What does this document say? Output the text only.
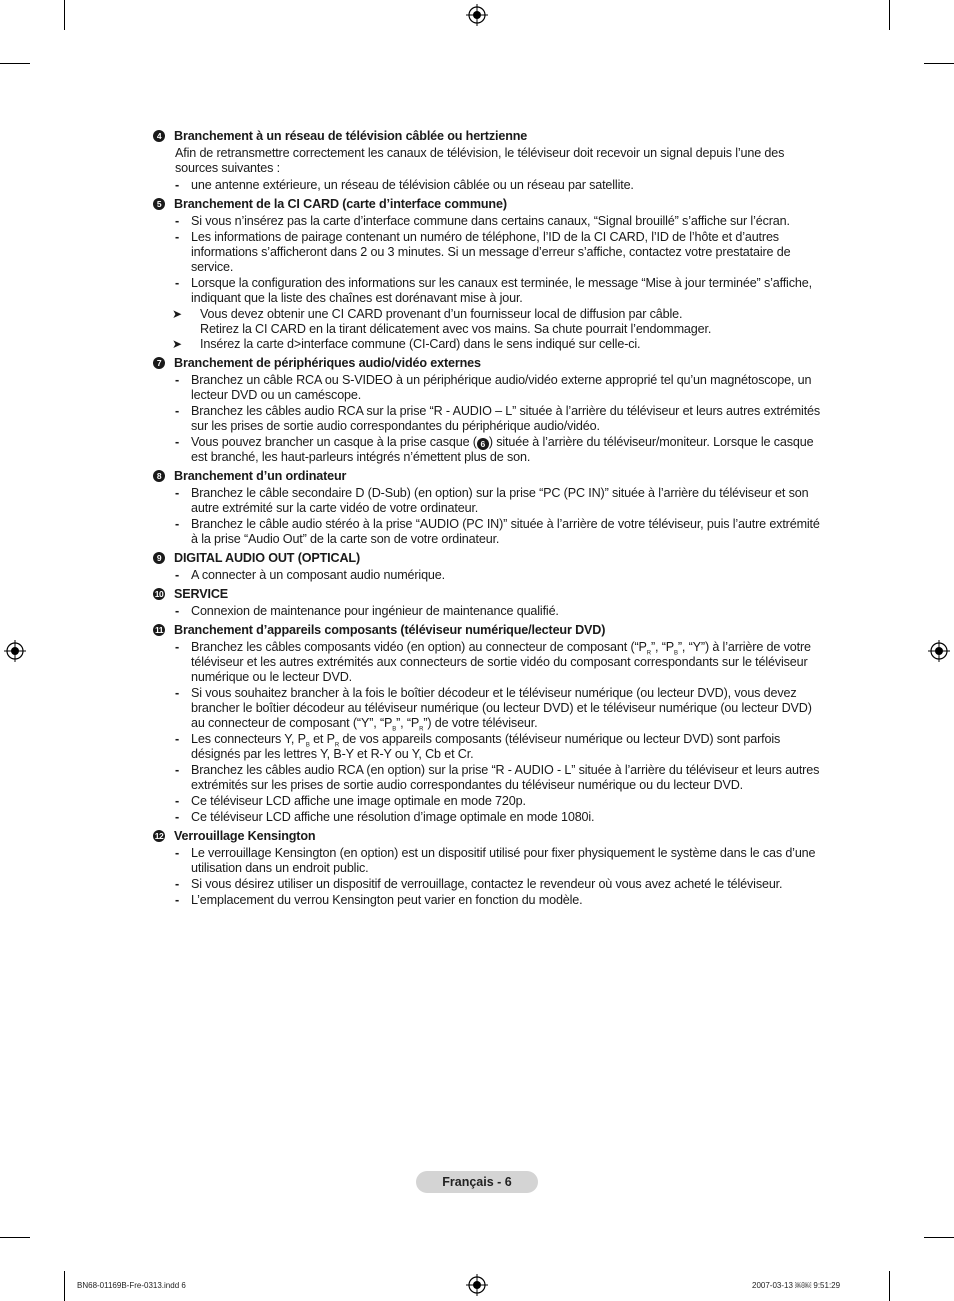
4	Branchement à un réseau de télévision câblée ou hertzienne
Afin de retransmettre correctement les canaux de télévision, le téléviseur doit recevoir un signal depuis l’une des sources suivantes :
- une antenne extérieure, un réseau de télévision câblée ou un réseau par satellite.
5	Branchement de la CI CARD (carte d’interface commune)
- Si vous n’insérez pas la carte d’interface commune dans certains canaux, “Signal brouillé” s’affiche sur l’écran.
- Les informations de pairage contenant un numéro de téléphone, l’ID de la CI CARD, l’ID de l’hôte et d’autres informations s’afficheront dans 2 ou 3 minutes. Si un message d’erreur s’affiche, contactez votre prestataire de service.
- Lorsque la configuration des informations sur les canaux est terminée, le message “Mise à jour terminée” s’affiche, indiquant que la liste des chaînes est dorénavant mise à jour.
➤	Vous devez obtenir une CI CARD provenant d’un fournisseur local de diffusion par câble.
Retirez la CI CARD en la tirant délicatement avec vos mains. Sa chute pourrait l’endommager.
➤	Insérez la carte d>interface commune (CI-Card) dans le sens indiqué sur celle-ci.
7	Branchement de périphériques audio/vidéo externes
- Branchez un câble RCA ou S-VIDEO à un périphérique audio/vidéo externe approprié tel qu’un magnétoscope, un lecteur DVD ou un caméscope.
- Branchez les câbles audio RCA sur la prise “R - AUDIO – L” située à l’arrière du téléviseur et leurs autres extrémités sur les prises de sortie audio correspondantes du périphérique audio/vidéo.
- Vous pouvez brancher un casque à la prise casque ( 6 ) située à l’arrière du téléviseur/moniteur. Lorsque le casque est branché, les haut-parleurs intégrés n’émettent plus de son.
8	Branchement d’un ordinateur
- Branchez le câble secondaire D (D-Sub) (en option) sur la prise “PC (PC IN)” située à l’arrière du téléviseur et son autre extrémité sur la carte vidéo de votre ordinateur.
- Branchez le câble audio stéréo à la prise “AUDIO (PC IN)” située à l’arrière de votre téléviseur, puis l’autre extrémité à la prise “Audio Out” de la carte son de votre ordinateur.
9	DIGITAL AUDIO OUT (OPTICAL)
- A connecter à un composant audio numérique.
10 SERVICE
- Connexion de maintenance pour ingénieur de maintenance qualifié.
11 Branchement d’appareils composants (téléviseur numérique/lecteur DVD)
- Branchez les câbles composants vidéo (en option) au connecteur de composant (“$P_R$”, “$P_B$”, “Y”) à l’arrière de votre téléviseur et les autres extrémités aux connecteurs de sortie vidéo du composant correspondants sur le téléviseur numérique ou le lecteur DVD.
- Si vous souhaitez brancher à la fois le boîtier décodeur et le téléviseur numérique (ou lecteur DVD), vous devez brancher le boîtier décodeur au téléviseur numérique (ou lecteur DVD) et le téléviseur numérique (ou lecteur DVD) au connecteur de composant (“Y”, “$P_B$”, “$P_R$”) de votre téléviseur.
- Les connecteurs Y, $P_B$ et $P_R$ de vos appareils composants (téléviseur numérique ou lecteur DVD) sont parfois désignés par les lettres Y, B-Y et R-Y ou Y, Cb et Cr.
- Branchez les câbles audio RCA (en option) sur la prise “R - AUDIO - L” située à l’arrière du téléviseur et leurs autres extrémités sur les prises de sortie audio correspondantes du téléviseur numérique ou du lecteur DVD.
- Ce téléviseur LCD affiche une image optimale en mode 720p.
- Ce téléviseur LCD affiche une résolution d’image optimale en mode 1080i.
12 Verrouillage Kensington
- Le verrouillage Kensington (en option) est un dispositif utilisé pour fixer physiquement le système dans le cas d’une utilisation dans un endroit public.
- Si vous désirez utiliser un dispositif de verrouillage, contactez le revendeur où vous avez acheté le téléviseur.
- L’emplacement du verrou Kensington peut varier en fonction du modèle.
Français - 6
BN68-01169B-Fre-0313.indd 6	2007-03-13 ￼￼ 9:51:29
